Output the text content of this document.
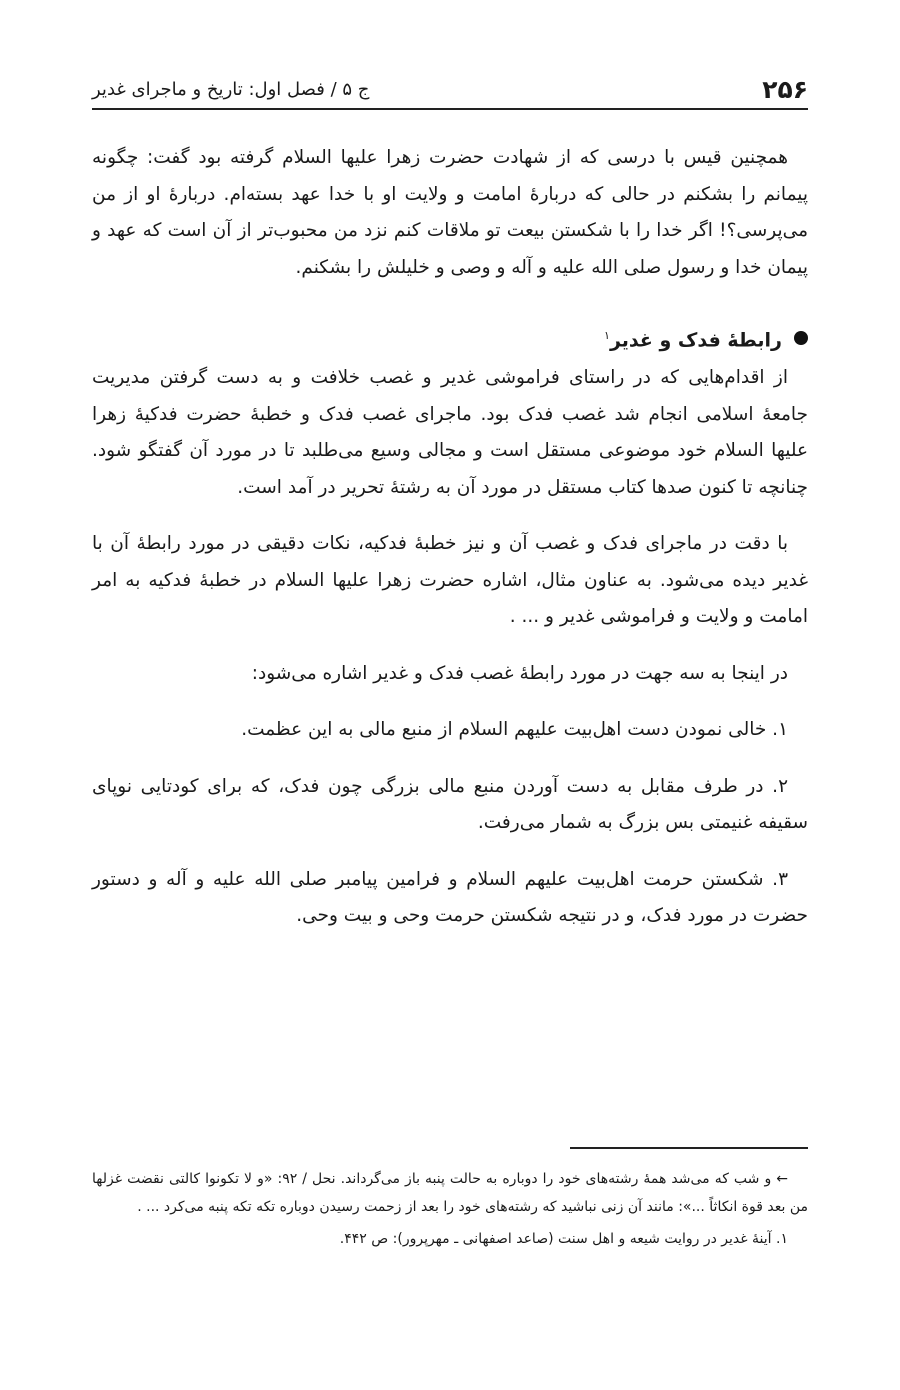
۲۵۶
ج ۵ / فصل اول: تاریخ و ماجرای غدیر

همچنین قیس با درسی که از شهادت حضرت زهرا علیها السلام گرفته بود گفت: چگونه پیمانم را بشکنم در حالی که دربارهٔ امامت و ولایت او با خدا عهد بسته‌ام. دربارهٔ او از من می‌پرسی؟! اگر خدا را با شکستن بیعت تو ملاقات کنم نزد من محبوب‌تر از آن است که عهد و پیمان خدا و رسول صلی الله علیه و آله و وصی و خلیلش را بشکنم.

رابطهٔ فدک و غدیر$^۱$

از اقدام‌هایی که در راستای فراموشی غدیر و غصب خلافت و به دست گرفتن مدیریت جامعهٔ اسلامی انجام شد غصب فدک بود. ماجرای غصب فدک و خطبهٔ حضرت فدکیهٔ زهرا علیها السلام خود موضوعی مستقل است و مجالی وسیع می‌طلبد تا در مورد آن گفتگو شود. چنانچه تا کنون صدها کتاب مستقل در مورد آن به رشتهٔ تحریر در آمد است.

با دقت در ماجرای فدک و غصب آن و نیز خطبهٔ فدکیه، نکات دقیقی در مورد رابطهٔ آن با غدیر دیده می‌شود. به عناون مثال، اشاره حضرت زهرا علیها السلام در خطبهٔ فدکیه به امر امامت و ولایت و فراموشی غدیر و ... .

در اینجا به سه جهت در مورد رابطهٔ غصب فدک و غدیر اشاره می‌شود:

۱. خالی نمودن دست اهل‌بیت علیهم السلام از منبع مالی به این عظمت.

۲. در طرف مقابل به دست آوردن منبع مالی بزرگی چون فدک، که برای کودتایی نوپای سقیفه غنیمتی بس بزرگ به شمار می‌رفت.

۳. شکستن حرمت اهل‌بیت علیهم السلام و فرامین پیامبر صلی الله علیه و آله و دستور حضرت در مورد فدک، و در نتیجه شکستن حرمت وحی و بیت وحی.

← و شب که می‌شد همهٔ رشته‌های خود را دوباره به حالت پنبه باز می‌گرداند. نحل / ۹۲: «و لا تکونوا کالتی نقضت غزلها من بعد قوة انکاثاً ...»: مانند آن زنی نباشید که رشته‌های خود را بعد از زحمت رسیدن دوباره تکه تکه پنبه می‌کرد ... .

۱. آینهٔ غدیر در روایت شیعه و اهل سنت (صاعد اصفهانی ـ مهرپرور): ص ۴۴۲.
